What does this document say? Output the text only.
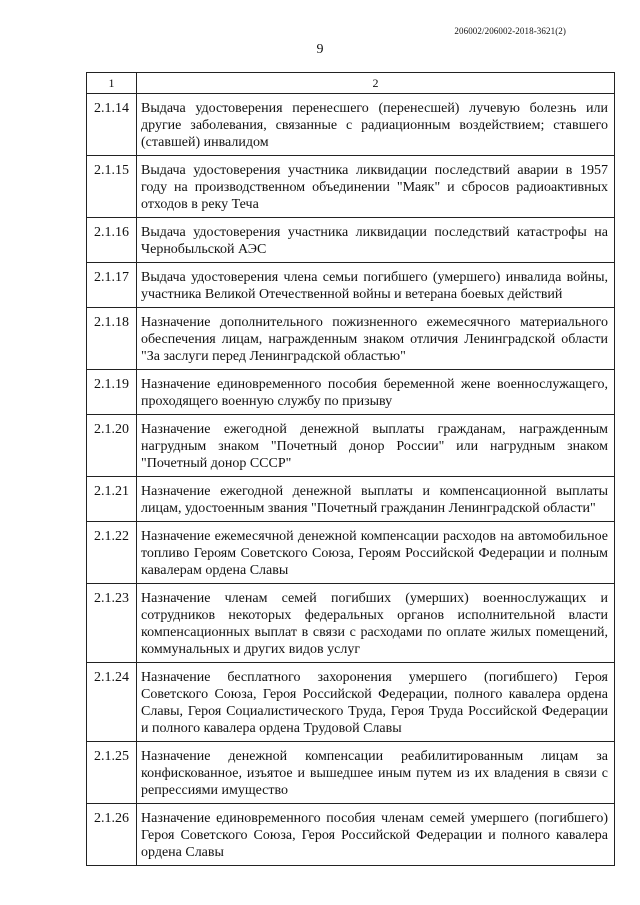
206002/206002-2018-3621(2)
9
1	2
2.1.14	Выдача удостоверения перенесшего (перенесшей) лучевую болезнь или другие заболевания, связанные с радиационным воздействием; ставшего (ставшей) инвалидом
2.1.15	Выдача удостоверения участника ликвидации последствий аварии в 1957 году на производственном объединении "Маяк" и сбросов радиоактивных отходов в реку Теча
2.1.16	Выдача удостоверения участника ликвидации последствий катастрофы на Чернобыльской АЭС
2.1.17	Выдача удостоверения члена семьи погибшего (умершего) инвалида войны, участника Великой Отечественной войны и ветерана боевых действий
2.1.18	Назначение дополнительного пожизненного ежемесячного материального обеспечения лицам, награжденным знаком отличия Ленинградской области "За заслуги перед Ленинградской областью"
2.1.19	Назначение единовременного пособия беременной жене военнослужащего, проходящего военную службу по призыву
2.1.20	Назначение ежегодной денежной выплаты гражданам, награжденным нагрудным знаком "Почетный донор России" или нагрудным знаком "Почетный донор СССР"
2.1.21	Назначение ежегодной денежной выплаты и компенсационной выплаты лицам, удостоенным звания "Почетный гражданин Ленинградской области"
2.1.22	Назначение ежемесячной денежной компенсации расходов на автомобильное топливо Героям Советского Союза, Героям Российской Федерации и полным кавалерам ордена Славы
2.1.23	Назначение членам семей погибших (умерших) военнослужащих и сотрудников некоторых федеральных органов исполнительной власти компенсационных выплат в связи с расходами по оплате жилых помещений, коммунальных и других видов услуг
2.1.24	Назначение бесплатного захоронения умершего (погибшего) Героя Советского Союза, Героя Российской Федерации, полного кавалера ордена Славы, Героя Социалистического Труда, Героя Труда Российской Федерации и полного кавалера ордена Трудовой Славы
2.1.25	Назначение денежной компенсации реабилитированным лицам за конфискованное, изъятое и вышедшее иным путем из их владения в связи с репрессиями имущество
2.1.26	Назначение единовременного пособия членам семей умершего (погибшего) Героя Советского Союза, Героя Российской Федерации и полного кавалера ордена Славы
